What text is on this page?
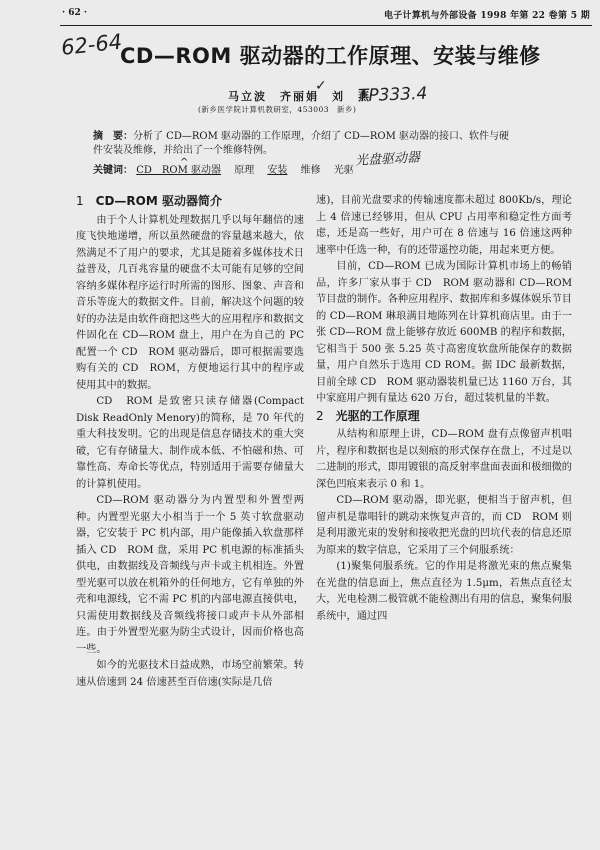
· 62 ·	电子计算机与外部设备 1998 年第 22 卷第 5 期
62-64
✓ TP333.4
光盘驱动器
^
CD—ROM 驱动器的工作原理、安装与维修
马立波　齐丽娟　刘　燕
(新乡医学院计算机教研室，453003　新乡)
摘　要：分析了 CD—ROM 驱动器的工作原理，介绍了 CD—ROM 驱动器的接口、软件与硬件安装及维修，并给出了一个维修特例。
关键词： CD　ROM 驱动器 原理 安装 维修 光驱
1 CD—ROM 驱动器简介

由于个人计算机处理数据几乎以每年翻倍的速度飞快地递增，所以虽然硬盘的容量越来越大，依然满足不了用户的要求，尤其是随着多媒体技术日益普及，几百兆容量的硬盘不太可能有足够的空间容纳多媒体程序运行时所需的图形、图象、声音和音乐等庞大的数据文件。目前，解决这个问题的较好的办法是由软件商把这些大的应用程序和数据文件固化在 CD—ROM 盘上，用户在为自己的 PC 配置一个 CD　ROM 驱动器后，即可根据需要选购有关的 CD　ROM，方便地运行其中的程序或使用其中的数据。

CD　ROM 是致密只读存储器(Compact Disk ReadOnly Menory)的简称，是 70 年代的重大科技发明。它的出现是信息存储技术的重大突破，它有存储量大、制作成本低、不怕磁和热、可靠性高、寿命长等优点，特别适用于需要存储量大的计算机使用。

CD—ROM 驱动器分为内置型和外置型两种。内置型光驱大小相当于一个 5 英寸软盘驱动器，它安装于 PC 机内部，用户能像插入软盘那样插入 CD　ROM 盘，采用 PC 机电源的标准插头供电，由数据线及音频线与声卡或主机相连。外置型光驱可以放在机箱外的任何地方，它有单独的外壳和电源线，它不需 PC 机的内部电源直接供电，只需使用数据线及音频线将接口或声卡从外部相连。由于外置型光驱为防尘式设计，因而价格也高一些。

如今的光驱技术日益成熟，市场空前繁荣。转速从倍速到 24 倍速甚至百倍速(实际是几倍

速)，目前光盘要求的传输速度都未超过 800Kb/s，理论上 4 倍速已经够用，但从 CPU 占用率和稳定性方面考虑，还是高一些好，用户可在 8 倍速与 16 倍速这两种速率中任选一种，有的还带遥控功能，用起来更方便。

目前，CD—ROM 已成为国际计算机市场上的畅销品，许多厂家从事于 CD　ROM 驱动器和 CD—ROM 节目盘的制作。各种应用程序、数据库和多媒体娱乐节目的 CD—ROM 琳琅满目地陈列在计算机商店里。由于一张 CD—ROM 盘上能够存放近 600MB 的程序和数据，它相当于 500 张 5.25 英寸高密度软盘所能保存的数据量，用户自然乐于选用 CD ROM。据 IDC 最新数据，目前全球 CD　ROM 驱动器装机量已达 1160 万台，其中家庭用户拥有量达 620 万台，超过装机量的半数。

2 光驱的工作原理

从结构和原理上讲，CD—ROM 盘有点像留声机唱片，程序和数据也是以刻痕的形式保存在盘上，不过是以二进制的形式，即用镀银的高反射率盘面表面和极细微的深色凹痕来表示 0 和 1。

CD—ROM 驱动器，即光驱，便相当于留声机，但留声机是靠唱针的跳动来恢复声音的，而 CD　ROM 则是利用激光束的发射和接收把光盘的凹坑代表的信息还原为原来的数字信息，它采用了三个伺服系统：

(1)聚集伺服系统。它的作用是将激光束的焦点聚集在光盘的信息面上，焦点直径为 1.5μm，若焦点直径太大，光电检测二极管就不能检测出有用的信息，聚集伺服系统中，通过四
